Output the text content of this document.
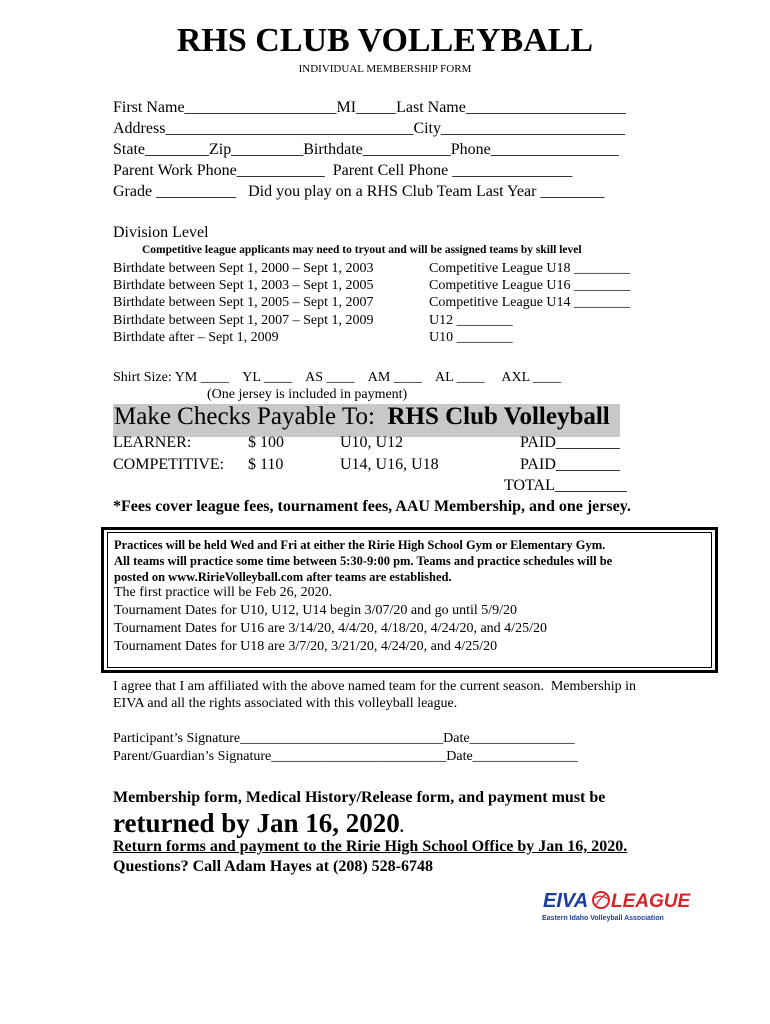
RHS CLUB VOLLEYBALL
INDIVIDUAL MEMBERSHIP FORM
First Name___________________MI_____Last Name____________________
Address_______________________________City_______________________
State________Zip_________Birthdate___________Phone________________
Parent Work Phone___________  Parent Cell Phone _______________
Grade __________   Did you play on a RHS Club Team Last Year ________
Division Level
Competitive league applicants may need to tryout and will be assigned teams by skill level
Birthdate between Sept 1, 2000 – Sept 1, 2003	Competitive League U18 ________
Birthdate between Sept 1, 2003 – Sept 1, 2005	Competitive League U16 ________
Birthdate between Sept 1, 2005 – Sept 1, 2007	Competitive League U14 ________
Birthdate between Sept 1, 2007 – Sept 1, 2009	U12 ________
Birthdate after – Sept 1, 2009	U10 ________
Shirt Size: YM ____    YL ____    AS ____    AM ____    AL ____     AXL ____
(One jersey is included in payment)
Make Checks Payable To:  RHS Club Volleyball
LEARNER:	$ 100	U10, U12	PAID________
COMPETITIVE: $ 110	U14, U16, U18	PAID________
TOTAL_________
*Fees cover league fees, tournament fees, AAU Membership, and one jersey.
Practices will be held Wed and Fri at either the Ririe High School Gym or Elementary Gym.
All teams will practice some time between 5:30-9:00 pm. Teams and practice schedules will be
posted on www.RirieVolleyball.com after teams are established.
The first practice will be Feb 26, 2020.
Tournament Dates for U10, U12, U14 begin 3/07/20 and go until 5/9/20
Tournament Dates for U16 are 3/14/20, 4/4/20, 4/18/20, 4/24/20, and 4/25/20
Tournament Dates for U18 are 3/7/20, 3/21/20, 4/24/20, and 4/25/20
I agree that I am affiliated with the above named team for the current season.  Membership in
EIVA and all the rights associated with this volleyball league.
Participant’s Signature_____________________________Date_______________
Parent/Guardian’s Signature_________________________Date_______________
Membership form, Medical History/Release form, and payment must be
returned by Jan 16, 2020.
Return forms and payment to the Ririe High School Office by Jan 16, 2020.
Questions? Call Adam Hayes at (208) 528-6748

EIVA LEAGUE
Eastern Idaho Volleyball Association
